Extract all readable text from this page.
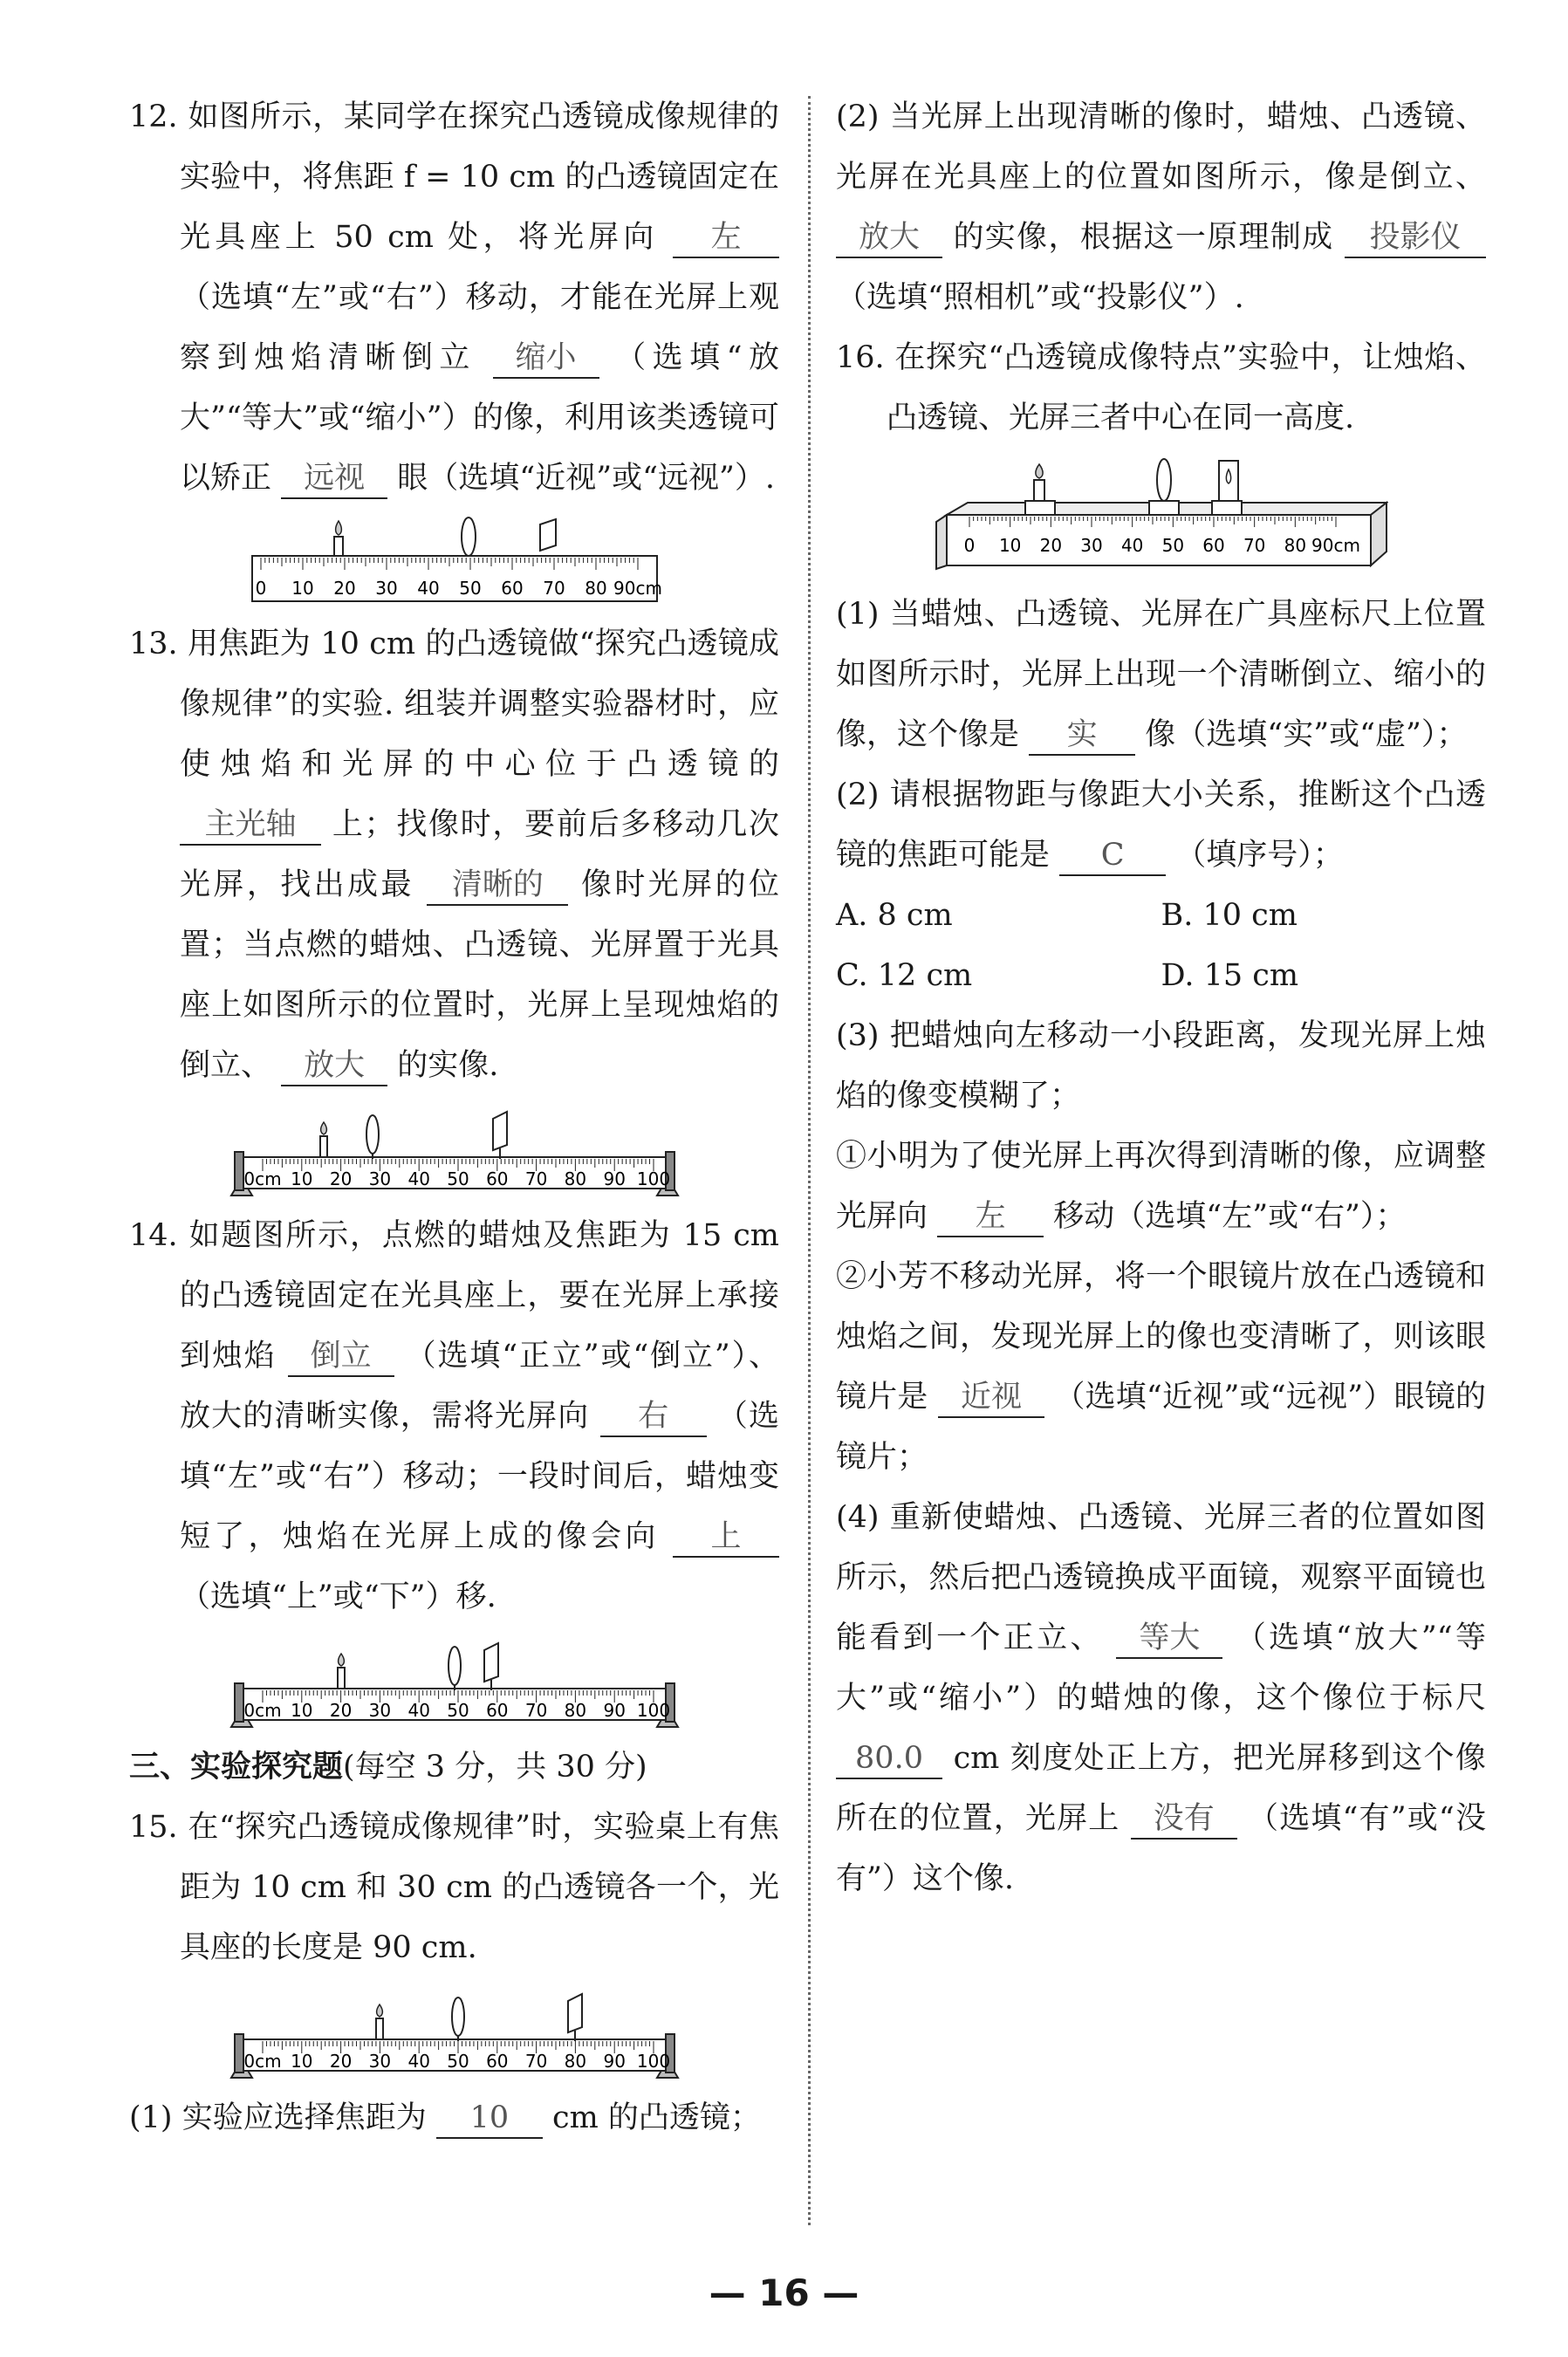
12. 如图所示，某同学在探究凸透镜成像规律的实验中，将焦距 f = 10 cm 的凸透镜固定在光具座上 50 cm 处，将光屏向 左 （选填“左”或“右”）移动，才能在光屏上观察到烛焰清晰倒立 缩小 （选填“放大”“等大”或“缩小”）的像，利用该类透镜可以矫正 远视 眼（选填“近视”或“远视”）.

0 10 20 30 40 50 60 70 80 90cm

13. 用焦距为 10 cm 的凸透镜做“探究凸透镜成像规律”的实验. 组装并调整实验器材时，应使烛焰和光屏的中心位于凸透镜的 主光轴 上；找像时，要前后多移动几次光屏，找出成最 清晰的 像时光屏的位置；当点燃的蜡烛、凸透镜、光屏置于光具座上如图所示的位置时，光屏上呈现烛焰的倒立、 放大 的实像.

0cm 10 20 30 40 50 60 70 80 90 100

14. 如题图所示，点燃的蜡烛及焦距为 15 cm 的凸透镜固定在光具座上，要在光屏上承接到烛焰 倒立 （选填“正立”或“倒立”）、放大的清晰实像，需将光屏向 右 （选填“左”或“右”）移动；一段时间后，蜡烛变短了，烛焰在光屏上成的像会向 上 （选填“上”或“下”）移.

0cm 10 20 30 40 50 60 70 80 90 100

三、实验探究题(每空 3 分，共 30 分)

15. 在“探究凸透镜成像规律”时，实验桌上有焦距为 10 cm 和 30 cm 的凸透镜各一个，光具座的长度是 90 cm.

0cm 10 20 30 40 50 60 70 80 90 100

(1) 实验应选择焦距为 10 cm 的凸透镜；

(2) 当光屏上出现清晰的像时，蜡烛、凸透镜、光屏在光具座上的位置如图所示，像是倒立、 放大 的实像，根据这一原理制成 投影仪 （选填“照相机”或“投影仪”）.

16. 在探究“凸透镜成像特点”实验中，让烛焰、凸透镜、光屏三者中心在同一高度.

0 10 20 30 40 50 60 70 80 90cm

(1) 当蜡烛、凸透镜、光屏在广具座标尺上位置如图所示时，光屏上出现一个清晰倒立、缩小的像，这个像是 实 像（选填“实”或“虚”）；

(2) 请根据物距与像距大小关系，推断这个凸透镜的焦距可能是 C （填序号）；

A. 8 cm	B. 10 cm
C. 12 cm	D. 15 cm

(3) 把蜡烛向左移动一小段距离，发现光屏上烛焰的像变模糊了；

①小明为了使光屏上再次得到清晰的像，应调整光屏向 左 移动（选填“左”或“右”）；

②小芳不移动光屏，将一个眼镜片放在凸透镜和烛焰之间，发现光屏上的像也变清晰了，则该眼镜片是 近视 （选填“近视”或“远视”）眼镜的镜片；

(4) 重新使蜡烛、凸透镜、光屏三者的位置如图所示，然后把凸透镜换成平面镜，观察平面镜也能看到一个正立、 等大 （选填“放大”“等大”或“缩小”）的蜡烛的像，这个像位于标尺 80.0 cm 刻度处正上方，把光屏移到这个像所在的位置，光屏上 没有 （选填“有”或“没有”）这个像.

— 16 —
